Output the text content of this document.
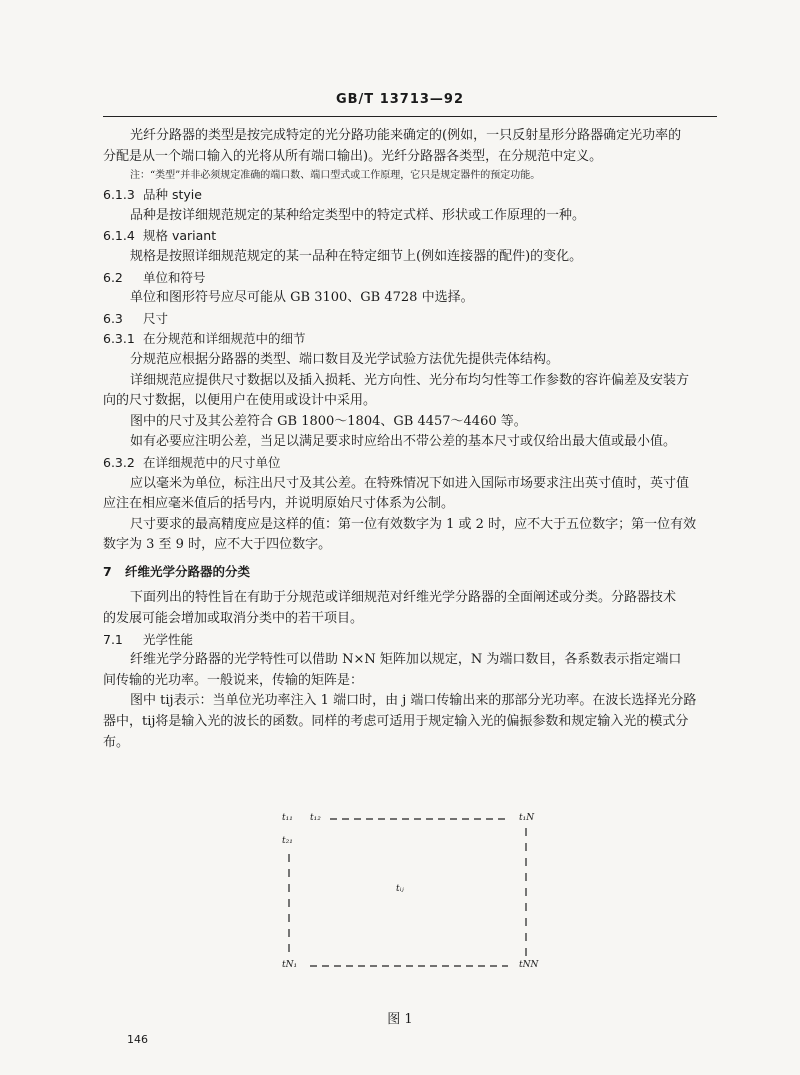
GB/T 13713—92
光纤分路器的类型是按完成特定的光分路功能来确定的(例如，一只反射星形分路器确定光功率的
分配是从一个端口输入的光将从所有端口输出)。光纤分路器各类型，在分规范中定义。
注：“类型”并非必须规定准确的端口数、端口型式或工作原理，它只是规定器件的预定功能。
6.1.3 品种 styie
品种是按详细规范规定的某种给定类型中的特定式样、形状或工作原理的一种。
6.1.4 规格 variant
规格是按照详细规范规定的某一品种在特定细节上(例如连接器的配件)的变化。
6.2 单位和符号
单位和图形符号应尽可能从 GB 3100、GB 4728 中选择。
6.3 尺寸
6.3.1 在分规范和详细规范中的细节
分规范应根据分路器的类型、端口数目及光学试验方法优先提供壳体结构。
详细规范应提供尺寸数据以及插入损耗、光方向性、光分布均匀性等工作参数的容许偏差及安装方
向的尺寸数据，以便用户在使用或设计中采用。
图中的尺寸及其公差符合 GB 1800～1804、GB 4457～4460 等。
如有必要应注明公差，当足以满足要求时应给出不带公差的基本尺寸或仅给出最大值或最小值。
6.3.2 在详细规范中的尺寸单位
应以毫米为单位，标注出尺寸及其公差。在特殊情况下如进入国际市场要求注出英寸值时，英寸值
应注在相应毫米值后的括号内，并说明原始尺寸体系为公制。
尺寸要求的最高精度应是这样的值：第一位有效数字为 1 或 2 时，应不大于五位数字；第一位有效
数字为 3 至 9 时，应不大于四位数字。
7 纤维光学分路器的分类
下面列出的特性旨在有助于分规范或详细规范对纤维光学分路器的全面阐述或分类。分路器技术
的发展可能会增加或取消分类中的若干项目。
7.1 光学性能
纤维光学分路器的光学特性可以借助 N×N 矩阵加以规定，N 为端口数目，各系数表示指定端口
间传输的光功率。一般说来，传输的矩阵是：
图中 tij表示：当单位光功率注入 1 端口时，由 j 端口传输出来的那部分光功率。在波长选择光分路
器中，tij将是输入光的波长的函数。同样的考虑可适用于规定输入光的偏振参数和规定输入光的模式分
布。
t₁₁ t₁₂	t₁N
t₂₁
tᵢⱼ
tN₁	tNN
图 1
146
